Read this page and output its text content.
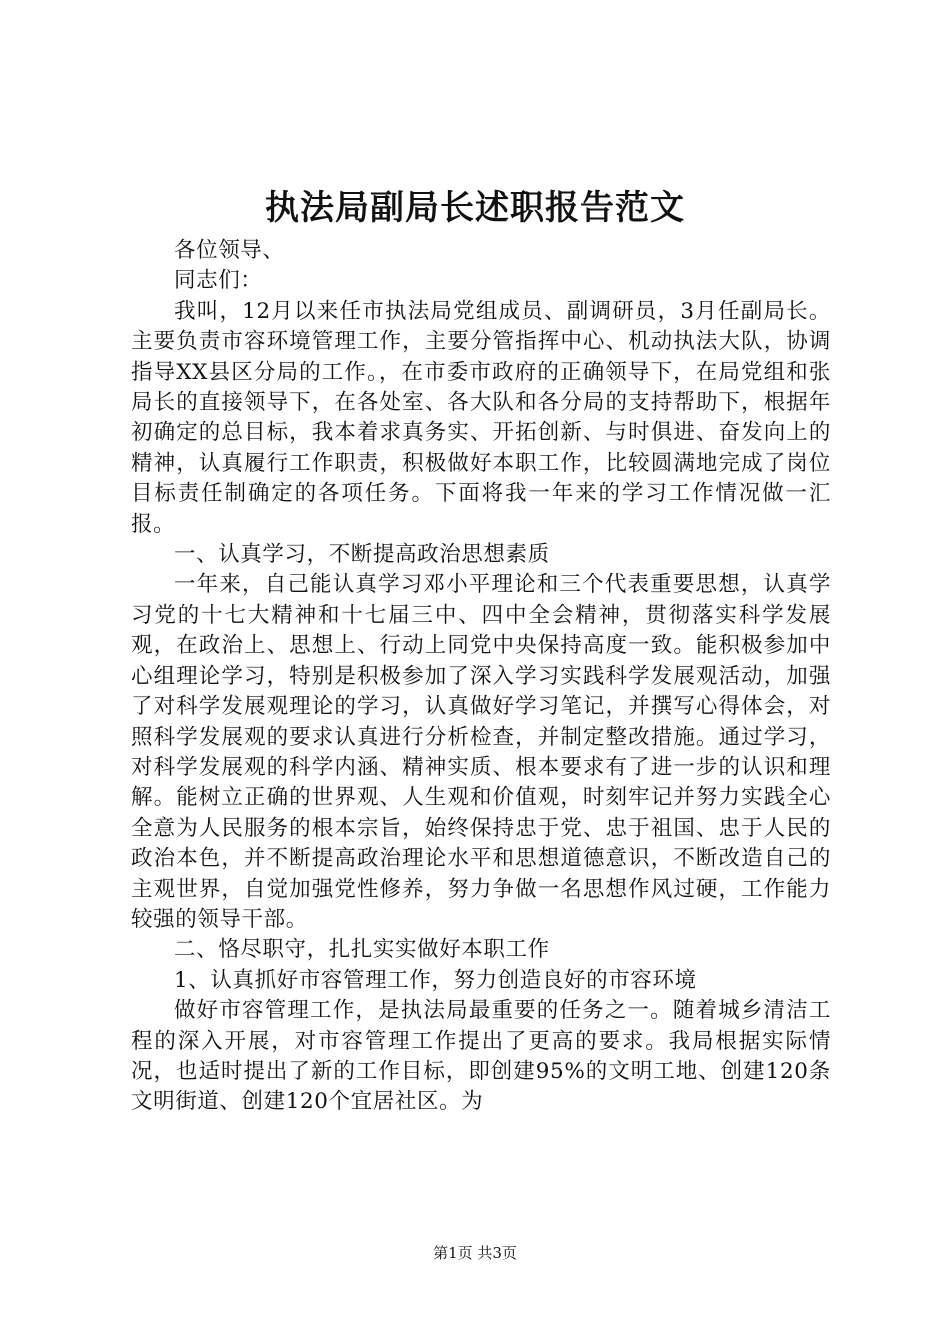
执法局副局长述职报告范文

各位领导、

同志们：

我叫，12月以来任市执法局党组成员、副调研员，3月任副局长。主要负责市容环境管理工作，主要分管指挥中心、机动执法大队，协调指导XX县区分局的工作。，在市委市政府的正确领导下，在局党组和张局长的直接领导下，在各处室、各大队和各分局的支持帮助下，根据年初确定的总目标，我本着求真务实、开拓创新、与时俱进、奋发向上的精神，认真履行工作职责，积极做好本职工作，比较圆满地完成了岗位目标责任制确定的各项任务。下面将我一年来的学习工作情况做一汇报。

一、认真学习，不断提高政治思想素质

一年来，自己能认真学习邓小平理论和三个代表重要思想，认真学习党的十七大精神和十七届三中、四中全会精神，贯彻落实科学发展观，在政治上、思想上、行动上同党中央保持高度一致。能积极参加中心组理论学习，特别是积极参加了深入学习实践科学发展观活动，加强了对科学发展观理论的学习，认真做好学习笔记，并撰写心得体会，对照科学发展观的要求认真进行分析检查，并制定整改措施。通过学习，对科学发展观的科学内涵、精神实质、根本要求有了进一步的认识和理解。能树立正确的世界观、人生观和价值观，时刻牢记并努力实践全心全意为人民服务的根本宗旨，始终保持忠于党、忠于祖国、忠于人民的政治本色，并不断提高政治理论水平和思想道德意识，不断改造自己的主观世界，自觉加强党性修养，努力争做一名思想作风过硬，工作能力较强的领导干部。

二、恪尽职守，扎扎实实做好本职工作

1、认真抓好市容管理工作，努力创造良好的市容环境

做好市容管理工作，是执法局最重要的任务之一。随着城乡清洁工程的深入开展，对市容管理工作提出了更高的要求。我局根据实际情况，也适时提出了新的工作目标，即创建95%的文明工地、创建120条文明街道、创建120个宜居社区。为

第1页 共3页
